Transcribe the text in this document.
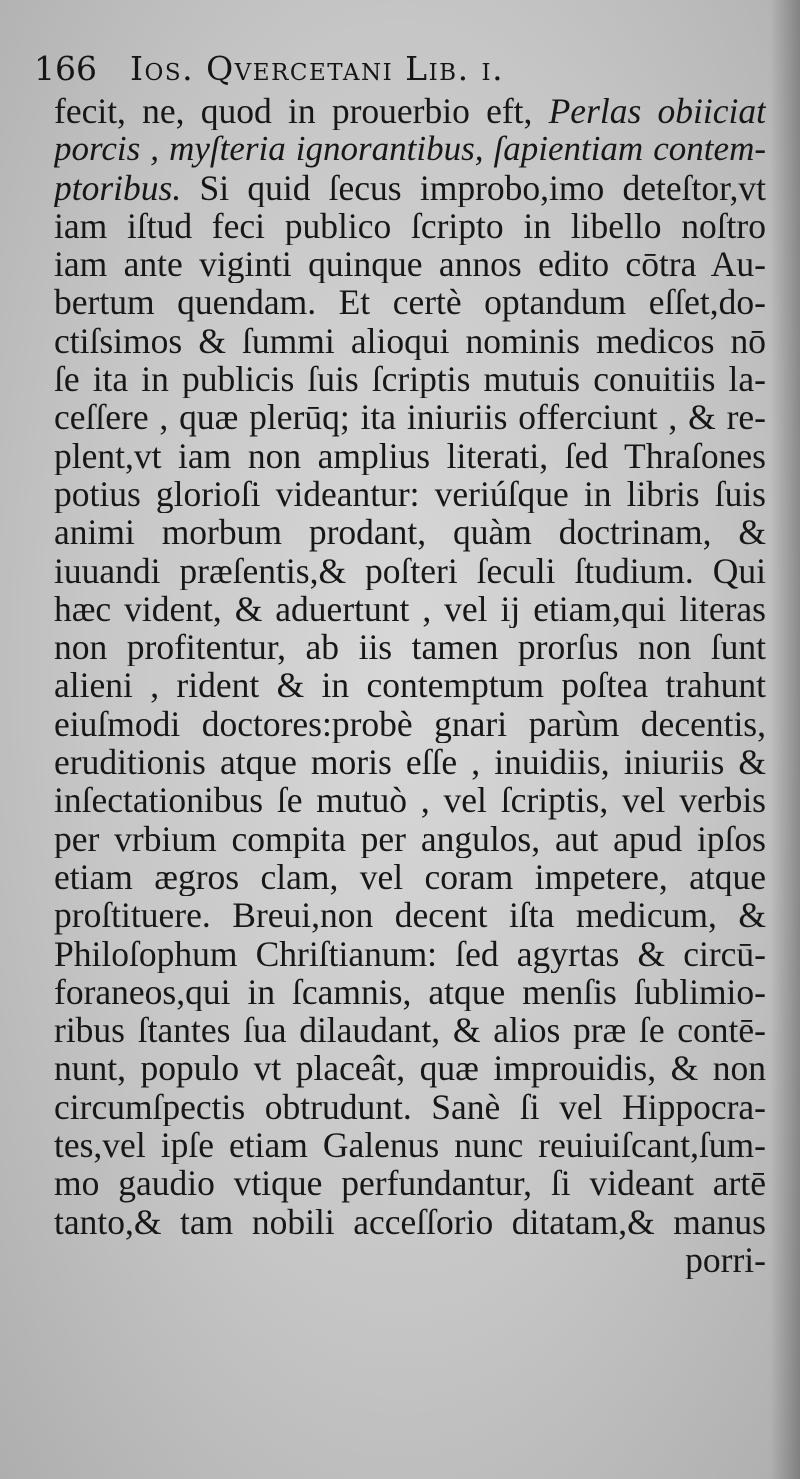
166 Ios. Qvercetani Lib. i.
fecit, ne, quod in prouerbio eft, Perlas obiiciat
porcis , myſteria ignorantibus, ſapientiam contem-
ptoribus. Si quid ſecus improbo,imo deteſtor,vt
iam iſtud feci publico ſcripto in libello noſtro
iam ante viginti quinque annos edito cōtra Au-
bertum quendam. Et certè optandum eſſet,do-
ctiſsimos & ſummi alioqui nominis medicos nō
ſe ita in publicis ſuis ſcriptis mutuis conuitiis la-
ceſſere , quæ plerūq; ita iniuriis offerciunt , & re-
plent,vt iam non amplius literati, ſed Thraſones
potius glorioſi videantur: veriúſque in libris ſuis
animi morbum prodant, quàm doctrinam, &
iuuandi præſentis,& poſteri ſeculi ſtudium. Qui
hæc vident, & aduertunt , vel ij etiam,qui literas
non profitentur, ab iis tamen prorſus non ſunt
alieni , rident & in contemptum poſtea trahunt
eiuſmodi doctores:probè gnari parùm decentis,
eruditionis atque moris eſſe , inuidiis, iniuriis &
inſectationibus ſe mutuò , vel ſcriptis, vel verbis
per vrbium compita per angulos, aut apud ipſos
etiam ægros clam, vel coram impetere, atque
proſtituere. Breui,non decent iſta medicum, &
Philoſophum Chriſtianum: ſed agyrtas & circū-
foraneos,qui in ſcamnis, atque menſis ſublimio-
ribus ſtantes ſua dilaudant, & alios præ ſe contē-
nunt, populo vt placeât, quæ improuidis, & non
circumſpectis obtrudunt. Sanè ſi vel Hippocra-
tes,vel ipſe etiam Galenus nunc reuiuiſcant,ſum-
mo gaudio vtique perfundantur, ſi videant artē
tanto,& tam nobili acceſſorio ditatam,& manus
porri-
